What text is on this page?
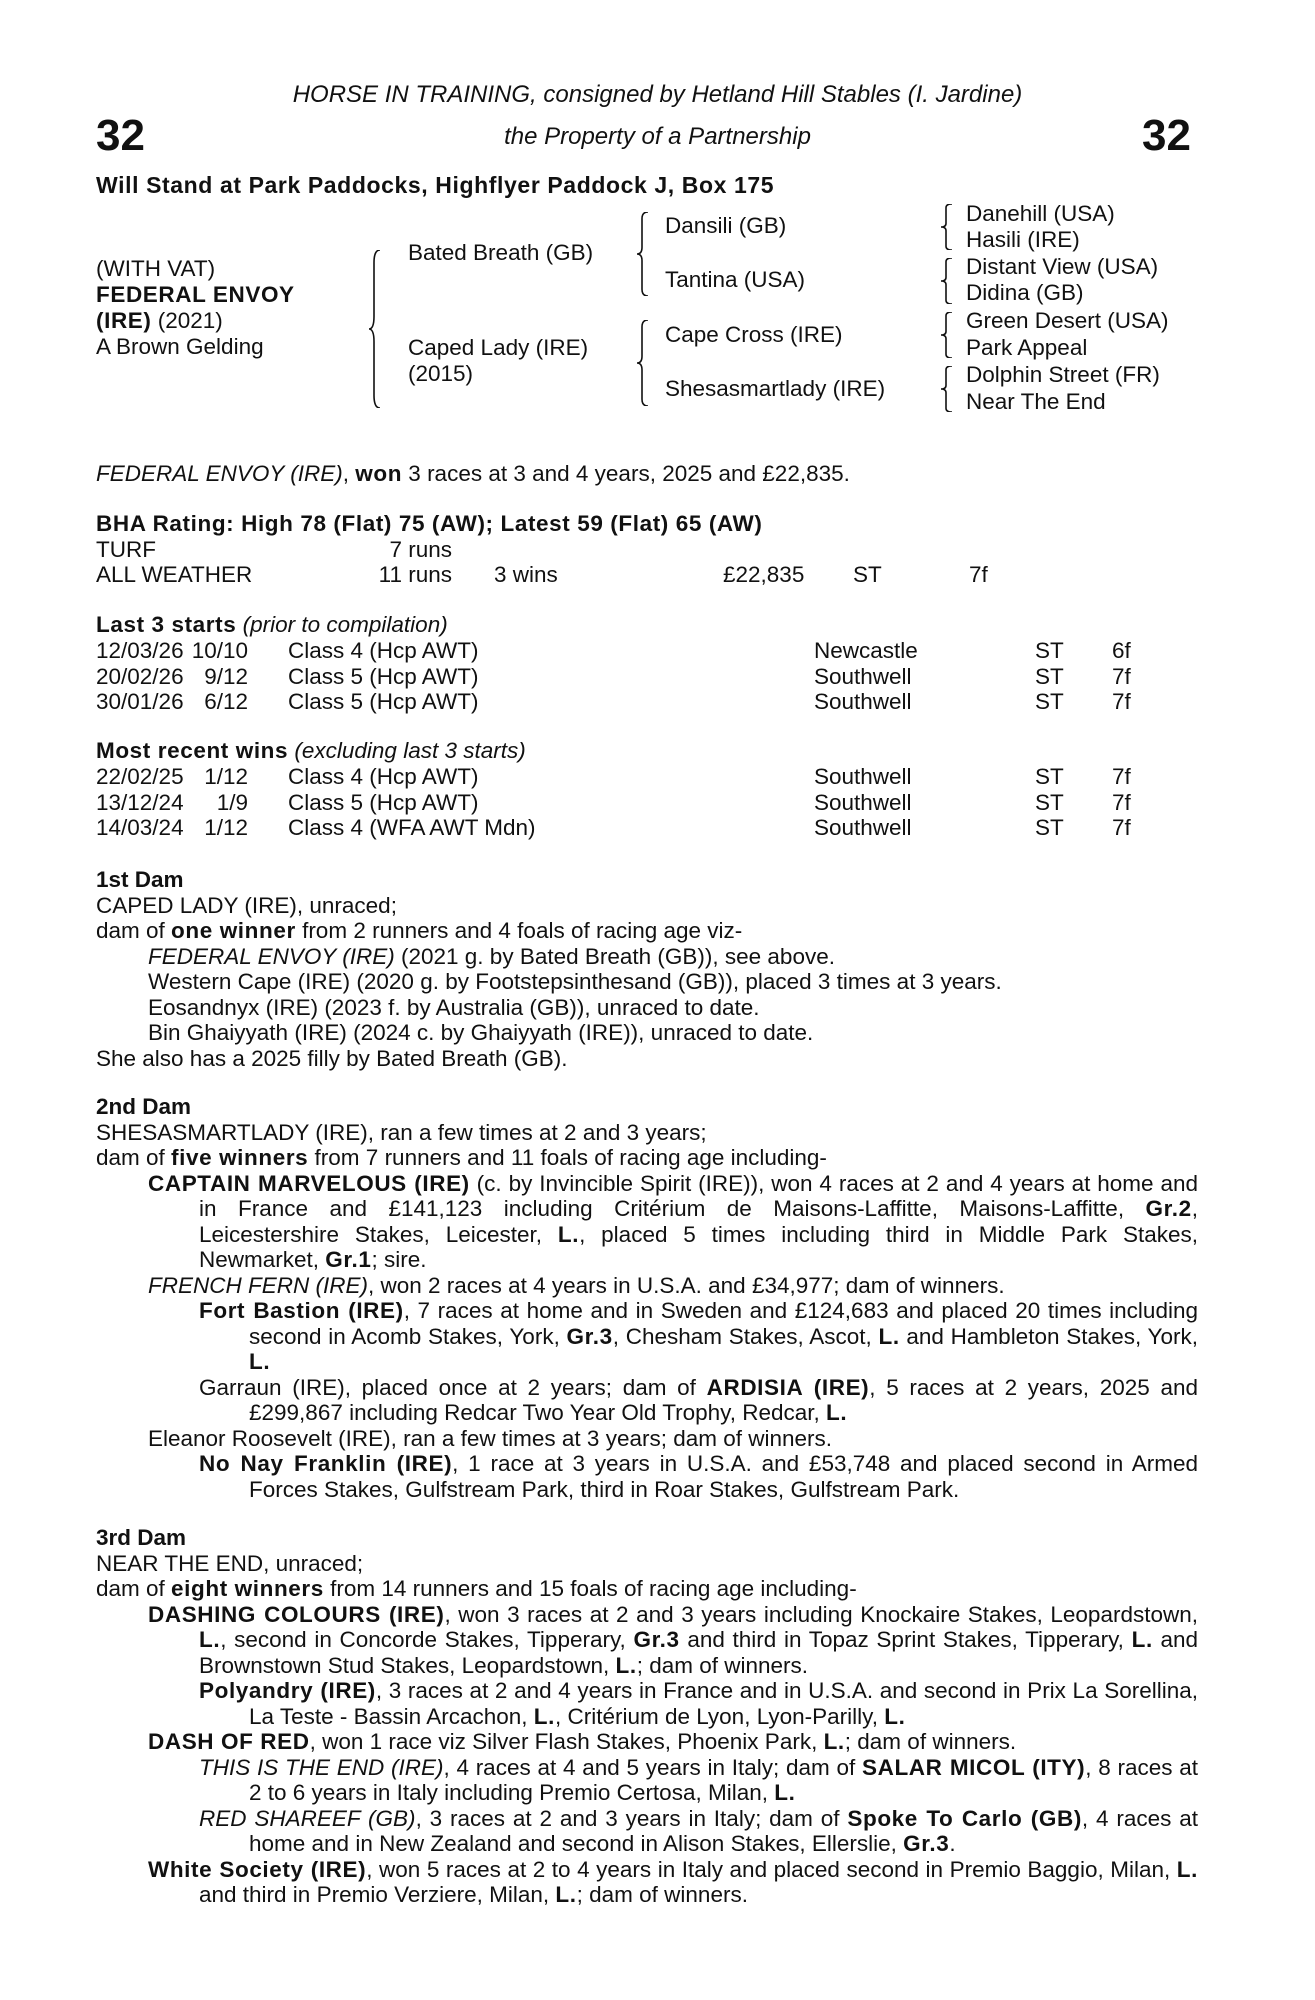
HORSE IN TRAINING, consigned by Hetland Hill Stables (I. Jardine)
the Property of a Partnership
32	32
Will Stand at Park Paddocks, Highflyer Paddock J, Box 175
(WITH VAT)
FEDERAL ENVOY
(IRE) (2021)
A Brown Gelding
Bated Breath (GB)
Caped Lady (IRE)
(2015)
Dansili (GB)
Tantina (USA)
Cape Cross (IRE)
Shesasmartlady (IRE)
Danehill (USA)
Hasili (IRE)
Distant View (USA)
Didina (GB)
Green Desert (USA)
Park Appeal
Dolphin Street (FR)
Near The End
FEDERAL ENVOY (IRE), won 3 races at 3 and 4 years, 2025 and £22,835.
BHA Rating: High 78 (Flat) 75 (AW); Latest 59 (Flat) 65 (AW)
TURF	7 runs
ALL WEATHER	11 runs 3 wins	£22,835 ST	7f
Last 3 starts (prior to compilation)
12/03/26 10/10 Class 4 (Hcp AWT)	Newcastle	ST 6f
20/02/26 9/12 Class 5 (Hcp AWT)	Southwell	ST 7f
30/01/26 6/12 Class 5 (Hcp AWT)	Southwell	ST 7f
Most recent wins (excluding last 3 starts)
22/02/25 1/12 Class 4 (Hcp AWT)	Southwell	ST 7f
13/12/24	1/9 Class 5 (Hcp AWT)	Southwell	ST 7f
14/03/24 1/12 Class 4 (WFA AWT Mdn)	Southwell	ST 7f
1st Dam

CAPED LADY (IRE), unraced;

dam of one winner from 2 runners and 4 foals of racing age viz-

FEDERAL ENVOY (IRE) (2021 g. by Bated Breath (GB)), see above.

Western Cape (IRE) (2020 g. by Footstepsinthesand (GB)), placed 3 times at 3 years.

Eosandnyx (IRE) (2023 f. by Australia (GB)), unraced to date.

Bin Ghaiyyath (IRE) (2024 c. by Ghaiyyath (IRE)), unraced to date.

She also has a 2025 filly by Bated Breath (GB).

2nd Dam

SHESASMARTLADY (IRE), ran a few times at 2 and 3 years;

dam of five winners from 7 runners and 11 foals of racing age including-

CAPTAIN MARVELOUS (IRE) (c. by Invincible Spirit (IRE)), won 4 races at 2 and 4 years at home and in France and £141,123 including Critérium de Maisons-Laffitte, Maisons-Laffitte, Gr.2, Leicestershire Stakes, Leicester, L., placed 5 times including third in Middle Park Stakes, Newmarket, Gr.1; sire.

FRENCH FERN (IRE), won 2 races at 4 years in U.S.A. and £34,977; dam of winners.

Fort Bastion (IRE), 7 races at home and in Sweden and £124,683 and placed 20 times including second in Acomb Stakes, York, Gr.3, Chesham Stakes, Ascot, L. and Hambleton Stakes, York, L.

Garraun (IRE), placed once at 2 years; dam of ARDISIA (IRE), 5 races at 2 years, 2025 and £299,867 including Redcar Two Year Old Trophy, Redcar, L.

Eleanor Roosevelt (IRE), ran a few times at 3 years; dam of winners.

No Nay Franklin (IRE), 1 race at 3 years in U.S.A. and £53,748 and placed second in Armed Forces Stakes, Gulfstream Park, third in Roar Stakes, Gulfstream Park.

3rd Dam

NEAR THE END, unraced;

dam of eight winners from 14 runners and 15 foals of racing age including-

DASHING COLOURS (IRE), won 3 races at 2 and 3 years including Knockaire Stakes, Leopardstown, L., second in Concorde Stakes, Tipperary, Gr.3 and third in Topaz Sprint Stakes, Tipperary, L. and Brownstown Stud Stakes, Leopardstown, L.; dam of winners.

Polyandry (IRE), 3 races at 2 and 4 years in France and in U.S.A. and second in Prix La Sorellina, La Teste - Bassin Arcachon, L., Critérium de Lyon, Lyon-Parilly, L.

DASH OF RED, won 1 race viz Silver Flash Stakes, Phoenix Park, L.; dam of winners.

THIS IS THE END (IRE), 4 races at 4 and 5 years in Italy; dam of SALAR MICOL (ITY), 8 races at 2 to 6 years in Italy including Premio Certosa, Milan, L.

RED SHAREEF (GB), 3 races at 2 and 3 years in Italy; dam of Spoke To Carlo (GB), 4 races at home and in New Zealand and second in Alison Stakes, Ellerslie, Gr.3.

White Society (IRE), won 5 races at 2 to 4 years in Italy and placed second in Premio Baggio, Milan, L. and third in Premio Verziere, Milan, L.; dam of winners.
